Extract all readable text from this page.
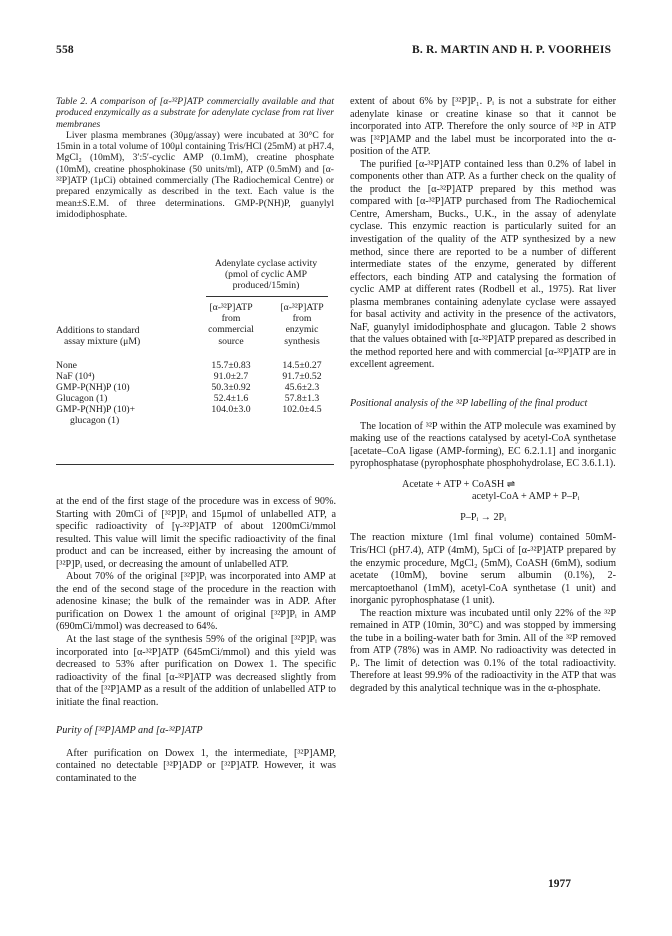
558	B. R. MARTIN AND H. P. VOORHEIS

Table 2. A comparison of [α-³²P]ATP commercially available and that produced enzymically as a substrate for adenylate cyclase from rat liver membranes

Liver plasma membranes (30μg/assay) were incubated at 30°C for 15min in a total volume of 100μl containing Tris/HCl (25mM) at pH7.4, MgCl₂ (10mM), 3′:5′-cyclic AMP (0.1mM), creatine phosphate (10mM), creatine phosphokinase (50 units/ml), ATP (0.5mM) and [α-³²P]ATP (1μCi) obtained commercially (The Radiochemical Centre) or prepared enzymically as described in the text. Each value is the mean±S.E.M. of three determinations. GMP-P(NH)P, guanylyl imidodiphosphate.

Adenylate cyclase activity
(pmol of cyclic AMP
produced/15min)
[α-³²P]ATP
from
commercial
source
[α-³²P]ATP
from
enzymic
synthesis
Additions to standard
assay mixture (μM)
None	15.7±0.83	14.5±0.27
NaF (10⁴)	91.0±2.7	91.7±0.52
GMP-P(NH)P (10)	50.3±0.92	45.6±2.3
Glucagon (1)	52.4±1.6	57.8±1.3
GMP-P(NH)P (10)+	104.0±3.0	102.0±4.5
glucagon (1)

at the end of the first stage of the procedure was in excess of 90%. Starting with 20mCi of [³²P]Pᵢ and 15μmol of unlabelled ATP, a specific radioactivity of [γ-³²P]ATP of about 1200mCi/mmol resulted. This value will limit the specific radioactivity of the final product and can be increased, either by increasing the amount of [³²P]Pᵢ used, or decreasing the amount of unlabelled ATP.

About 70% of the original [³²P]Pᵢ was incorporated into AMP at the end of the second stage of the procedure in the reaction with adenosine kinase; the bulk of the remainder was in ADP. After purification on Dowex 1 the amount of original [³²P]Pᵢ in AMP (690mCi/mmol) was decreased to 64%.

At the last stage of the synthesis 59% of the original [³²P]Pᵢ was incorporated into [α-³²P]ATP (645mCi/mmol) and this yield was decreased to 53% after purification on Dowex 1. The specific radioactivity of the final [α-³²P]ATP was decreased slightly from that of the [³²P]AMP as a result of the addition of unlabelled ATP to initiate the final reaction.

Purity of [³²P]AMP and [α-³²P]ATP

After purification on Dowex 1, the intermediate, [³²P]AMP, contained no detectable [³²P]ADP or [³²P]ATP. However, it was contaminated to the

extent of about 6% by [³²P]P₁. Pᵢ is not a substrate for either adenylate kinase or creatine kinase so that it cannot be incorporated into ATP. Therefore the only source of ³²P in ATP was [³²P]AMP and the label must be incorporated into the α-position of the ATP.

The purified [α-³²P]ATP contained less than 0.2% of label in components other than ATP. As a further check on the quality of the product the [α-³²P]ATP prepared by this method was compared with [α-³²P]ATP purchased from The Radiochemical Centre, Amersham, Bucks., U.K., in the assay of adenylate cyclase. This enzymic reaction is particularly suited for an investigation of the quality of the ATP synthesized by a new method, since there are reported to be a number of different intermediate states of the enzyme, generated by different effectors, each binding ATP and catalysing the formation of cyclic AMP at different rates (Rodbell et al., 1975). Rat liver plasma membranes containing adenylate cyclase were assayed for basal activity and activity in the presence of the activators, NaF, guanylyl imidodiphosphate and glucagon. Table 2 shows that the values obtained with [α-³²P]ATP prepared as described in the method reported here and with commercial [α-³²P]ATP are in excellent agreement.

Positional analysis of the ³²P labelling of the final product

The location of ³²P within the ATP molecule was examined by making use of the reactions catalysed by acetyl-CoA synthetase [acetate–CoA ligase (AMP-forming), EC 6.2.1.1] and inorganic pyrophosphatase (pyrophosphate phosphohydrolase, EC 3.6.1.1).

Acetate + ATP + CoASH ⇌
acetyl-CoA + AMP + P–Pᵢ
P–Pᵢ → 2Pᵢ

The reaction mixture (1ml final volume) contained 50mM-Tris/HCl (pH7.4), ATP (4mM), 5μCi of [α-³²P]ATP prepared by the enzymic procedure, MgCl₂ (5mM), CoASH (6mM), sodium acetate (10mM), bovine serum albumin (0.1%), 2-mercaptoethanol (1mM), acetyl-CoA synthetase (1 unit) and inorganic pyrophosphatase (1 unit).

The reaction mixture was incubated until only 22% of the ³²P remained in ATP (10min, 30°C) and was stopped by immersing the tube in a boiling-water bath for 3min. All of the ³²P removed from ATP (78%) was in AMP. No radioactivity was detected in Pᵢ. The limit of detection was 0.1% of the total radioactivity. Therefore at least 99.9% of the radioactivity in the ATP that was degraded by this analytical technique was in the α-phosphate.

1977
